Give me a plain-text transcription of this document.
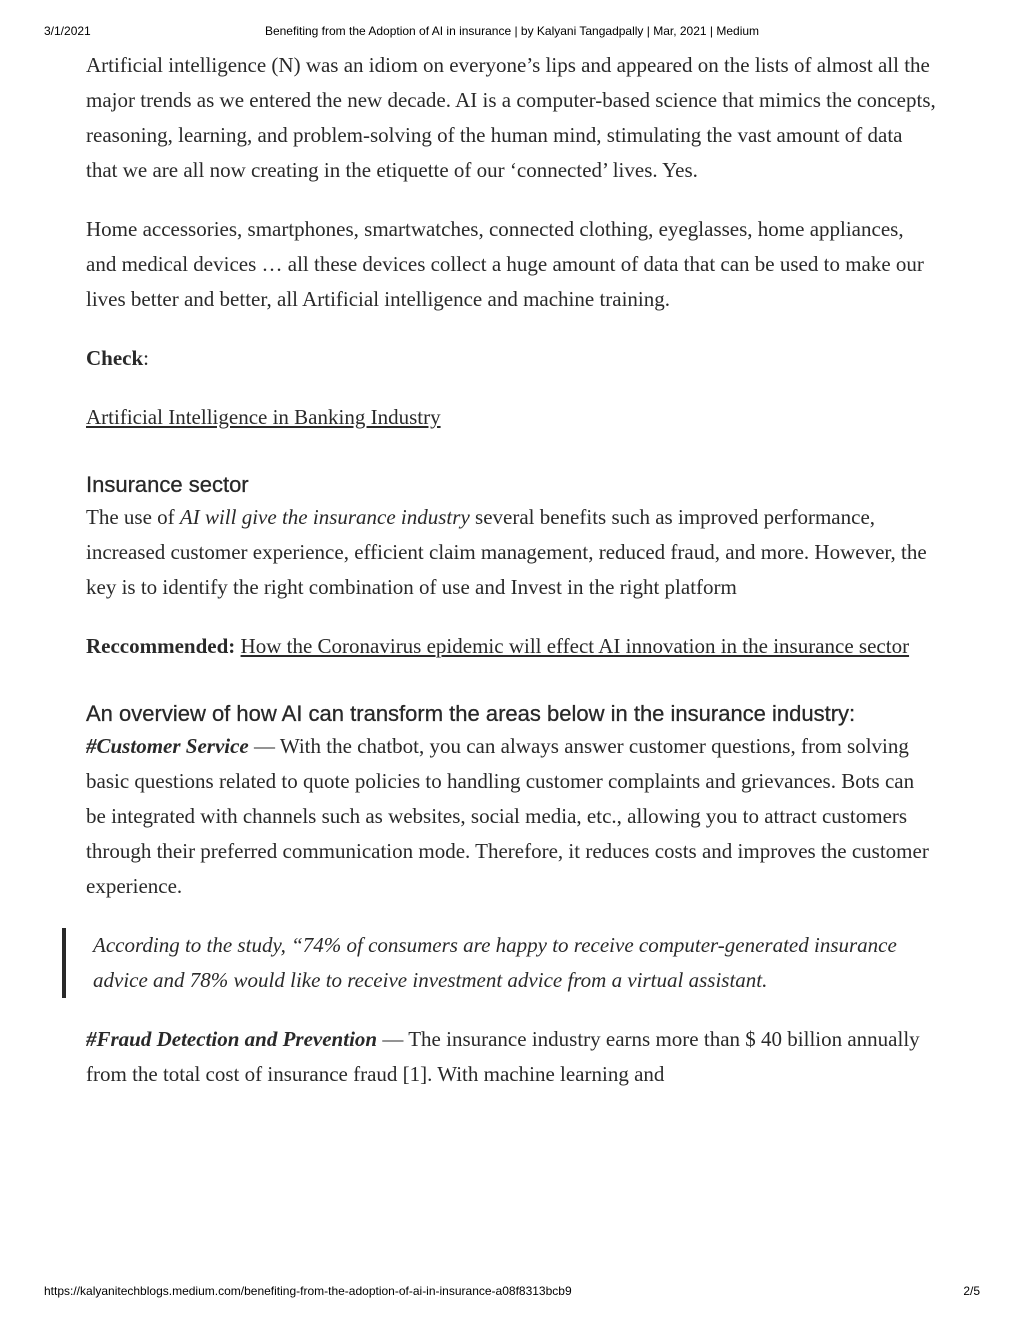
3/1/2021	Benefiting from the Adoption of AI in insurance | by Kalyani Tangadpally | Mar, 2021 | Medium

Artificial intelligence (N) was an idiom on everyone’s lips and appeared on the lists of almost all the major trends as we entered the new decade. AI is a computer-based science that mimics the concepts, reasoning, learning, and problem-solving of the human mind, stimulating the vast amount of data that we are all now creating in the etiquette of our ‘connected’ lives. Yes.

Home accessories, smartphones, smartwatches, connected clothing, eyeglasses, home appliances, and medical devices … all these devices collect a huge amount of data that can be used to make our lives better and better, all Artificial intelligence and machine training.

Check:

Artificial Intelligence in Banking Industry

Insurance sector

The use of AI will give the insurance industry several benefits such as improved performance, increased customer experience, efficient claim management, reduced fraud, and more. However, the key is to identify the right combination of use and Invest in the right platform

Reccommended: How the Coronavirus epidemic will effect AI innovation in the insurance sector

An overview of how AI can transform the areas below in the insurance industry:

#Customer Service — With the chatbot, you can always answer customer questions, from solving basic questions related to quote policies to handling customer complaints and grievances. Bots can be integrated with channels such as websites, social media, etc., allowing you to attract customers through their preferred communication mode. Therefore, it reduces costs and improves the customer experience.

According to the study, “74% of consumers are happy to receive computer-generated insurance advice and 78% would like to receive investment advice from a virtual assistant.

#Fraud Detection and Prevention — The insurance industry earns more than $ 40 billion annually from the total cost of insurance fraud [1]. With machine learning and

https://kalyanitechblogs.medium.com/benefiting-from-the-adoption-of-ai-in-insurance-a08f8313bcb9	2/5
